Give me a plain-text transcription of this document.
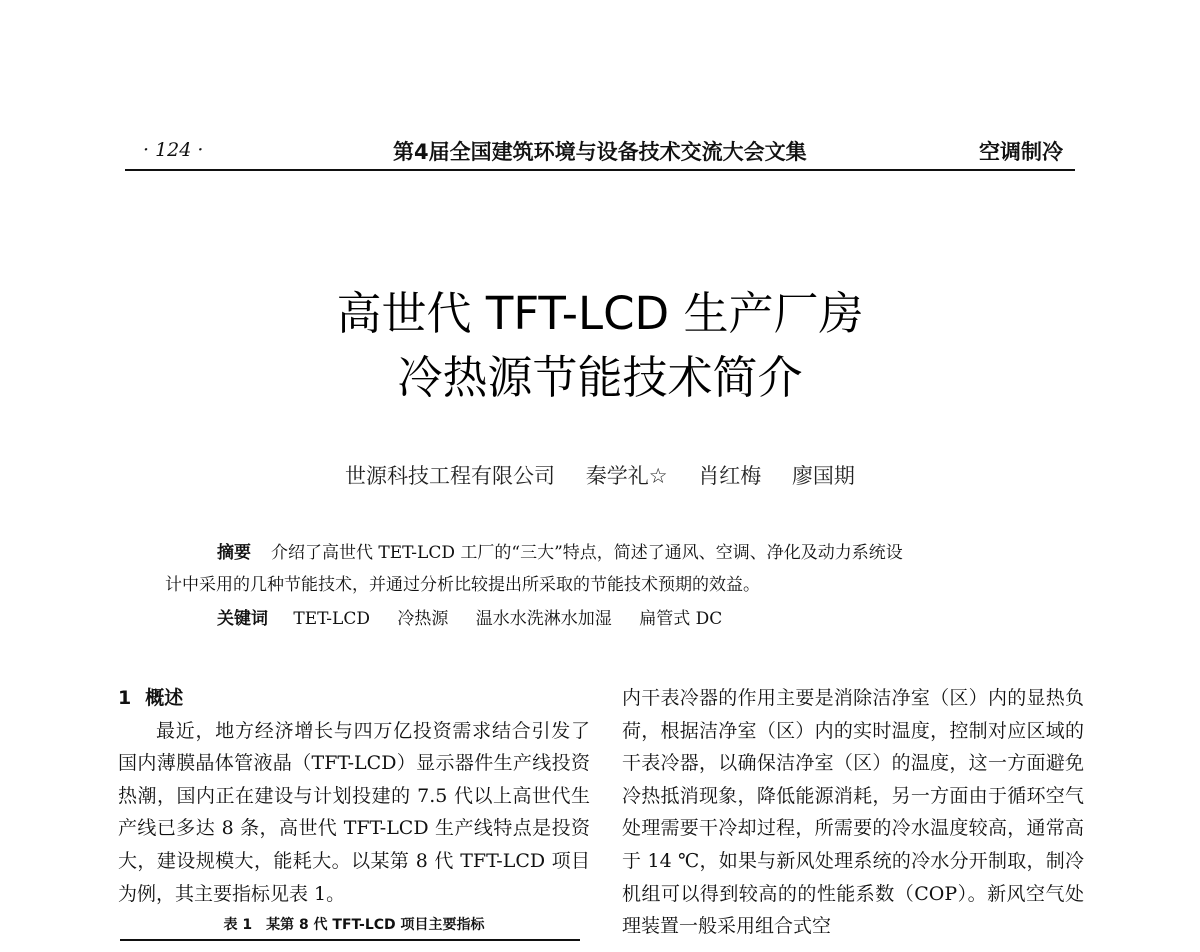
· 124 ·	第4届全国建筑环境与设备技术交流大会文集	空调制冷
高世代 TFT-LCD 生产厂房
冷热源节能技术简介
世源科技工程有限公司 秦学礼☆ 肖红梅 廖国期
摘要 介绍了高世代 TET-LCD 工厂的“三大”特点，简述了通风、空调、净化及动力系统设
计中采用的几种节能技术，并通过分析比较提出所采取的节能技术预期的效益。
关键词 TET-LCD 冷热源 温水水洗淋水加湿 扁管式 DC
1 概述

最近，地方经济增长与四万亿投资需求结合引发了国内薄膜晶体管液晶（TFT-LCD）显示器件生产线投资热潮，国内正在建设与计划投建的 7.5 代以上高世代生产线已多达 8 条，高世代 TFT-LCD 生产线特点是投资大，建设规模大，能耗大。以某第 8 代 TFT-LCD 项目为例，其主要指标见表 1。

表 1　某第 8 代 TFT-LCD 项目主要指标

内干表冷器的作用主要是消除洁净室（区）内的显热负荷，根据洁净室（区）内的实时温度，控制对应区域的干表冷器，以确保洁净室（区）的温度，这一方面避免冷热抵消现象，降低能源消耗，另一方面由于循环空气处理需要干冷却过程，所需要的冷水温度较高，通常高于 14 ℃，如果与新风处理系统的冷水分开制取，制冷机组可以得到较高的的性能系数（COP）。新风空气处理装置一般采用组合式空
